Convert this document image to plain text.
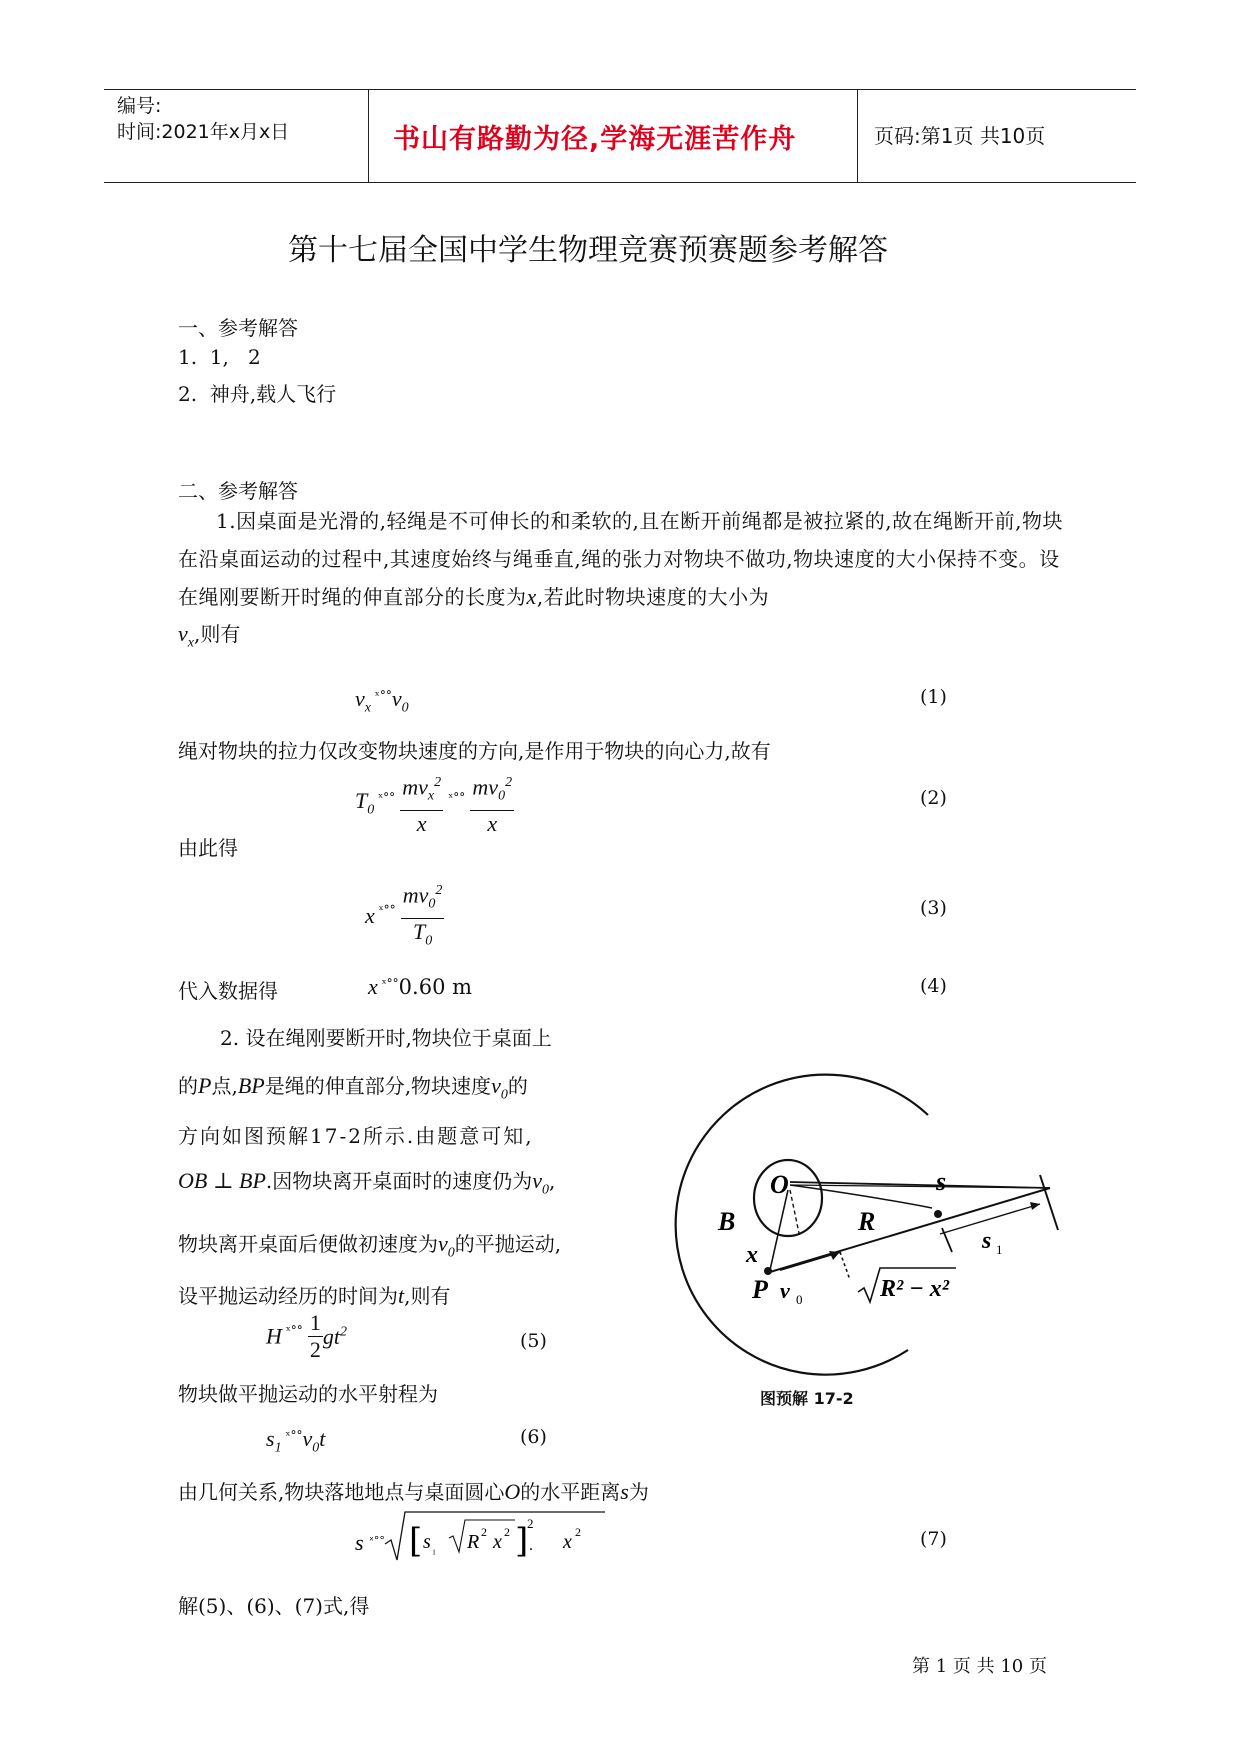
编号:
时间:2021年x月x日	书山有路勤为径,学海无涯苦作舟	页码:第1页 共10页
第十七届全国中学生物理竞赛预赛题参考解答
一、参考解答
1.  1,   2
2.  神舟,载人飞行
二、参考解答
1.因桌面是光滑的,轻绳是不可伸长的和柔软的,且在断开前绳都是被拉紧的,故在绳断开前,物块在沿桌面运动的过程中,其速度始终与绳垂直,绳的张力对物块不做功,物块速度的大小保持不变。设在绳刚要断开时绳的伸直部分的长度为x,若此时物块速度的大小为
$v_x$,则有
$v_x$ $^{ˣ^\circ^\circ}v_0$	(1)
绳对物块的拉力仅改变物块速度的方向,是作用于物块的向心力,故有
$T_0$ $^{ˣ^\circ^\circ} \frac{mv_x^2}{x} ^{ˣ^\circ^\circ} \frac{mv_0^2}{x}$	(2)
由此得
x $^{ˣ^\circ^\circ} \frac{mv_0^2}{T_0}$	(3)
代入数据得	x $^{ˣ^\circ^\circ}$0.60 m	(4)
2. 设在绳刚要断开时,物块位于桌面上
的P点,BP是绳的伸直部分,物块速度$v_0$的
方向如图预解17-2所示.由题意可知,
OB ⊥ BP.因物块离开桌面时的速度仍为$v_0$,
物块离开桌面后便做初速度为$v_0$的平抛运动,
设平抛运动经历的时间为t,则有
H $^{ˣ^\circ^\circ} \frac{1}{2} gt^2$	(5)
物块做平抛运动的水平射程为
$s_1$ $^{ˣ^\circ^\circ}v_0t$	(6)
由几何关系,物块落地地点与桌面圆心O的水平距离s为
s ˣ°° [ s ₁ R 2 x 2 ]
2
. x 2	(7)
解(5)、(6)、(7)式,得
O
B	R
x
P v 0
s
s 1
R² − x²
图预解 17-2
第 1 页 共 10 页
